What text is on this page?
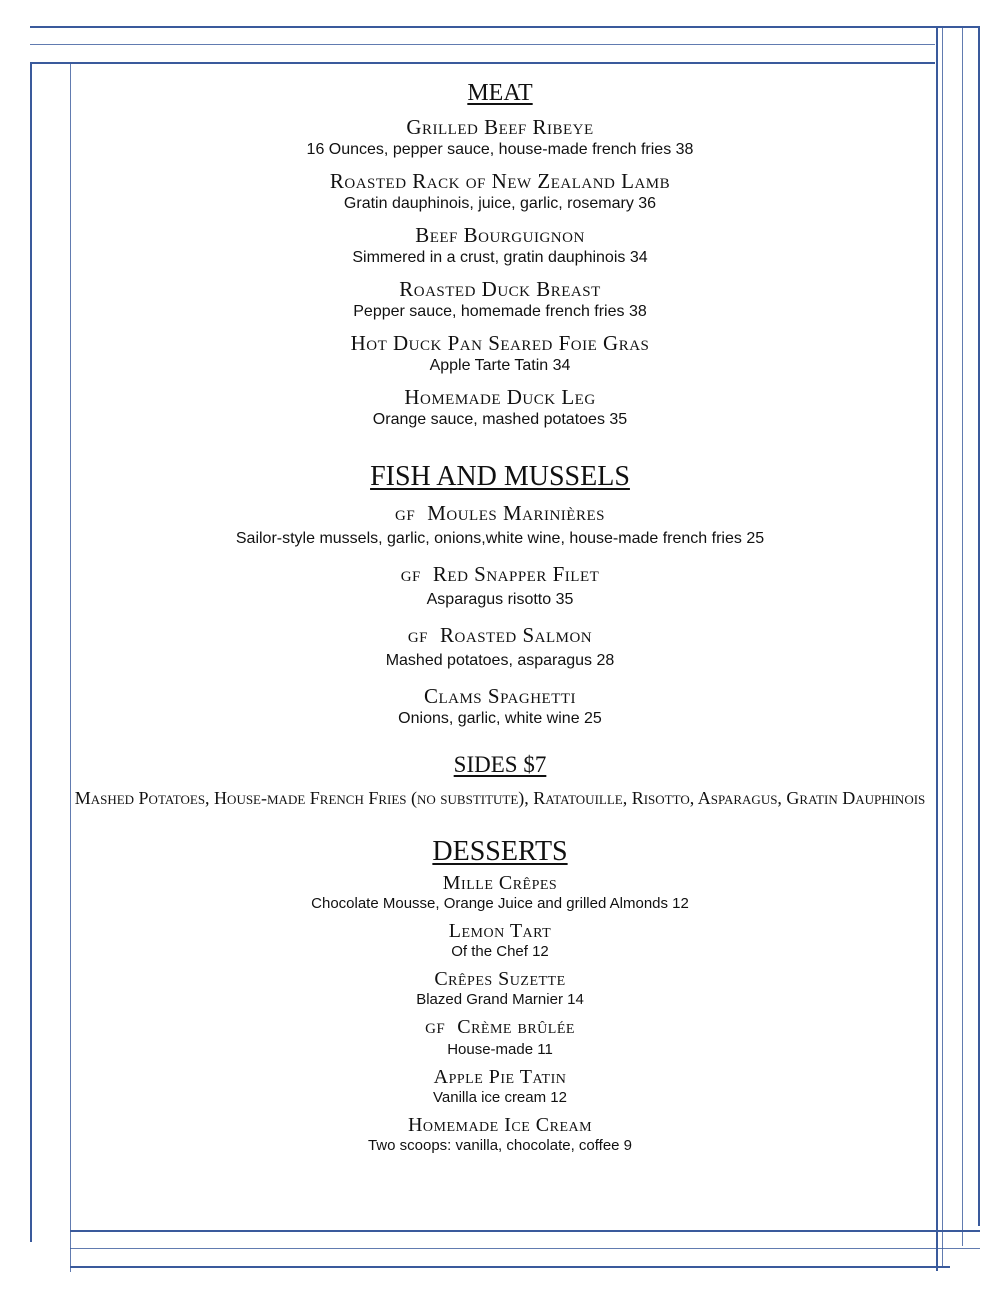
MEAT
Grilled Beef Ribeye
16 Ounces, pepper sauce, house-made french fries 38
Roasted Rack of New Zealand Lamb
Gratin dauphinois, juice, garlic, rosemary 36
Beef Bourguignon
Simmered in a crust, gratin dauphinois 34
Roasted Duck Breast
Pepper sauce, homemade french fries 38
Hot Duck Pan Seared Foie Gras
Apple Tarte Tatin 34
Homemade Duck Leg
Orange sauce, mashed potatoes 35
FISH AND MUSSELS
GF Moules Marinières
Sailor-style mussels, garlic, onions,white wine, house-made french fries 25
GF Red Snapper Filet
Asparagus risotto 35
GF Roasted Salmon
Mashed potatoes, asparagus 28
Clams Spaghetti
Onions, garlic, white wine 25
SIDES $7
Mashed Potatoes, House-made French Fries (no substitute), Ratatouille, Risotto, Asparagus, Gratin Dauphinois
DESSERTS
Mille Crêpes
Chocolate Mousse, Orange Juice and grilled Almonds 12
Lemon Tart
Of the Chef 12
Crêpes Suzette
Blazed Grand Marnier 14
GF Crème brûlée
House-made 11
Apple Pie Tatin
Vanilla ice cream 12
Homemade Ice Cream
Two scoops: vanilla, chocolate, coffee 9
